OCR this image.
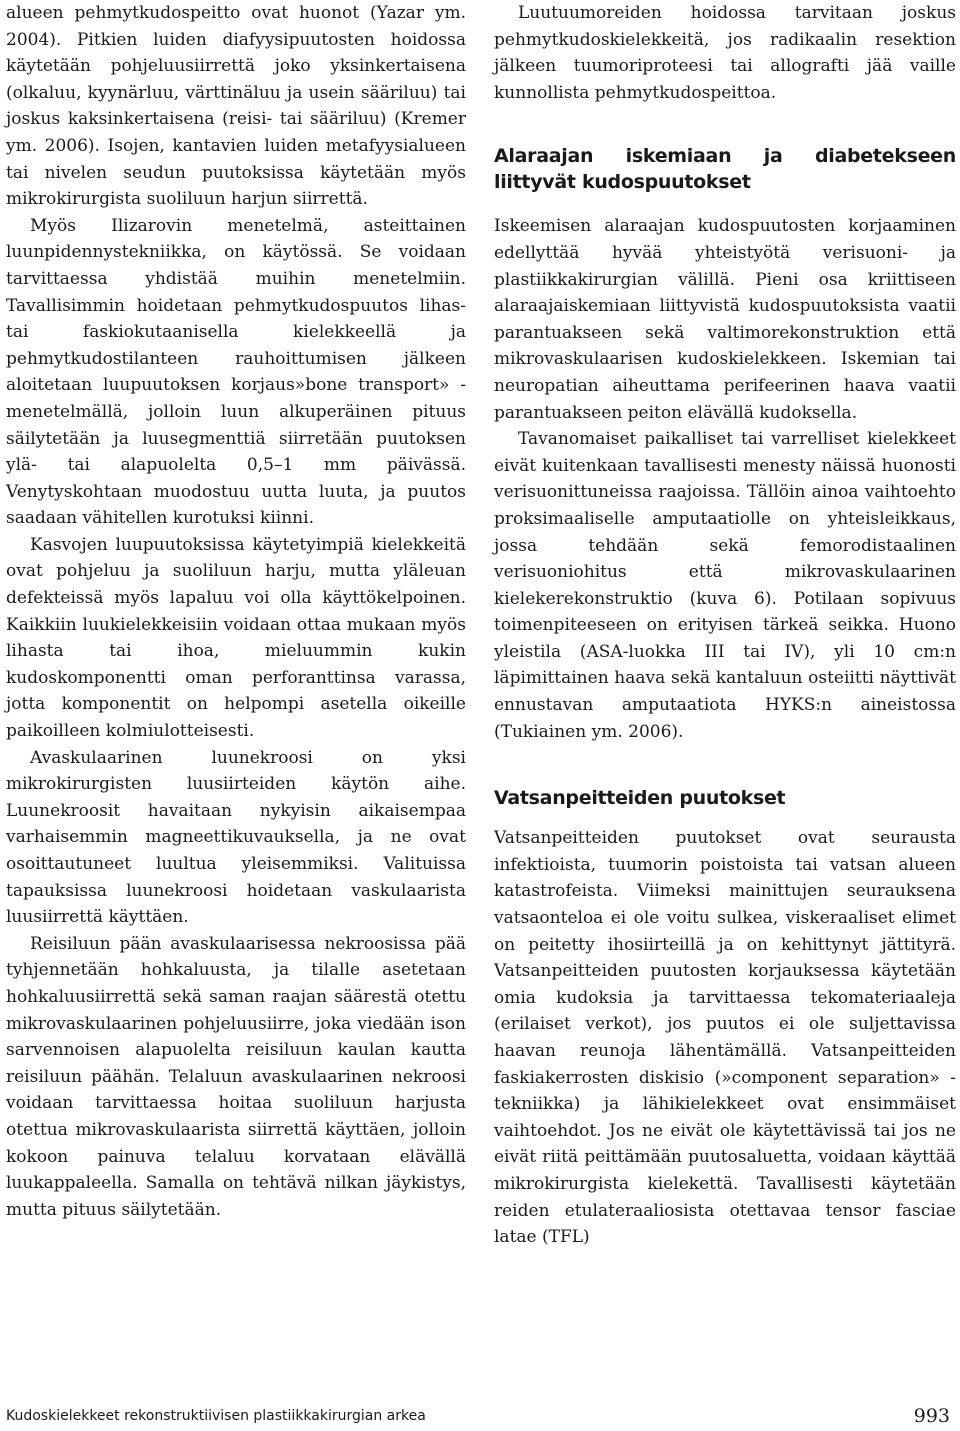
alueen pehmytkudospeitto ovat huonot (Yazar ym. 2004). Pitkien luiden diafyysipuutosten hoidossa käytetään pohjeluusiirrettä joko yksinkertaisena (olkaluu, kyynärluu, värttinäluu ja usein sääriluu) tai joskus kaksinkertaisena (reisi- tai sääriluu) (Kremer ym. 2006). Isojen, kantavien luiden metafyysialueen tai nivelen seudun puutoksissa käytetään myös mikrokirurgista suoliluun harjun siirrettä.

Myös Ilizarovin menetelmä, asteittainen luunpidennystekniikka, on käytössä. Se voidaan tarvittaessa yhdistää muihin menetelmiin. Tavallisimmin hoidetaan pehmytkudospuutos lihas- tai faskiokutaanisella kielekkeellä ja pehmytkudostilanteen rauhoittumisen jälkeen aloitetaan luupuutoksen korjaus»bone transport» -menetelmällä, jolloin luun alkuperäinen pituus säilytetään ja luusegmenttiä siirretään puutoksen ylä- tai alapuolelta 0,5–1 mm päivässä. Venytyskohtaan muodostuu uutta luuta, ja puutos saadaan vähitellen kurotuksi kiinni.

Kasvojen luupuutoksissa käytetyimpiä kielekkeitä ovat pohjeluu ja suoliluun harju, mutta yläleuan defekteissä myös lapaluu voi olla käyttökelpoinen. Kaikkiin luukielekkeisiin voidaan ottaa mukaan myös lihasta tai ihoa, mieluummin kukin kudoskomponentti oman perforanttinsa varassa, jotta komponentit on helpompi asetella oikeille paikoilleen kolmiulotteisesti.

Avaskulaarinen luunekroosi on yksi mikrokirurgisten luusiirteiden käytön aihe. Luunekroosit havaitaan nykyisin aikaisempaa varhaisemmin magneettikuvauksella, ja ne ovat osoittautuneet luultua yleisemmiksi. Valituissa tapauksissa luunekroosi hoidetaan vaskulaarista luusiirrettä käyttäen.

Reisiluun pään avaskulaarisessa nekroosissa pää tyhjennetään hohkaluusta, ja tilalle asetetaan hohkaluusiirrettä sekä saman raajan säärestä otettu mikrovaskulaarinen pohjeluusiirre, joka viedään ison sarvennoisen alapuolelta reisiluun kaulan kautta reisiluun päähän. Telaluun avaskulaarinen nekroosi voidaan tarvittaessa hoitaa suoliluun harjusta otettua mikrovaskulaarista siirrettä käyttäen, jolloin kokoon painuva telaluu korvataan elävällä luukappaleella. Samalla on tehtävä nilkan jäykistys, mutta pituus säilytetään.

Luutuumoreiden hoidossa tarvitaan joskus pehmytkudoskielekkeitä, jos radikaalin resektion jälkeen tuumoriproteesi tai allografti jää vaille kunnollista pehmytkudospeittoa.

Alaraajan iskemiaan ja diabetekseen liittyvät kudospuutokset

Iskeemisen alaraajan kudospuutosten korjaaminen edellyttää hyvää yhteistyötä verisuoni- ja plastiikkakirurgian välillä. Pieni osa kriittiseen alaraajaiskemiaan liittyvistä kudospuutoksista vaatii parantuakseen sekä valtimorekonstruktion että mikrovaskulaarisen kudoskielekkeen. Iskemian tai neuropatian aiheuttama perifeerinen haava vaatii parantuakseen peiton elävällä kudoksella.

Tavanomaiset paikalliset tai varrelliset kielekkeet eivät kuitenkaan tavallisesti menesty näissä huonosti verisuonittuneissa raajoissa. Tällöin ainoa vaihtoehto proksimaaliselle amputaatiolle on yhteisleikkaus, jossa tehdään sekä femorodistaalinen verisuoniohitus että mikrovaskulaarinen kielekerekonstruktio (kuva 6). Potilaan sopivuus toimenpiteeseen on erityisen tärkeä seikka. Huono yleistila (ASA-luokka III tai IV), yli 10 cm:n läpimittainen haava sekä kantaluun osteiitti näyttivät ennustavan amputaatiota HYKS:n aineistossa (Tukiainen ym. 2006).

Vatsanpeitteiden puutokset

Vatsanpeitteiden puutokset ovat seurausta infektioista, tuumorin poistoista tai vatsan alueen katastrofeista. Viimeksi mainittujen seurauksena vatsaonteloa ei ole voitu sulkea, viskeraaliset elimet on peitetty ihosiirteillä ja on kehittynyt jättityrä. Vatsanpeitteiden puutosten korjauksessa käytetään omia kudoksia ja tarvittaessa tekomateriaaleja (erilaiset verkot), jos puutos ei ole suljettavissa haavan reunoja lähentämällä. Vatsanpeitteiden faskiakerrosten diskisio (»component separation» -tekniikka) ja lähikielekkeet ovat ensimmäiset vaihtoehdot. Jos ne eivät ole käytettävissä tai jos ne eivät riitä peittämään puutosaluetta, voidaan käyttää mikrokirurgista kielekettä. Tavallisesti käytetään reiden etulateraaliosista otettavaa tensor fasciae latae (TFL)

Kudoskielekkeet rekonstruktiivisen plastiikkakirurgian arkea	993
